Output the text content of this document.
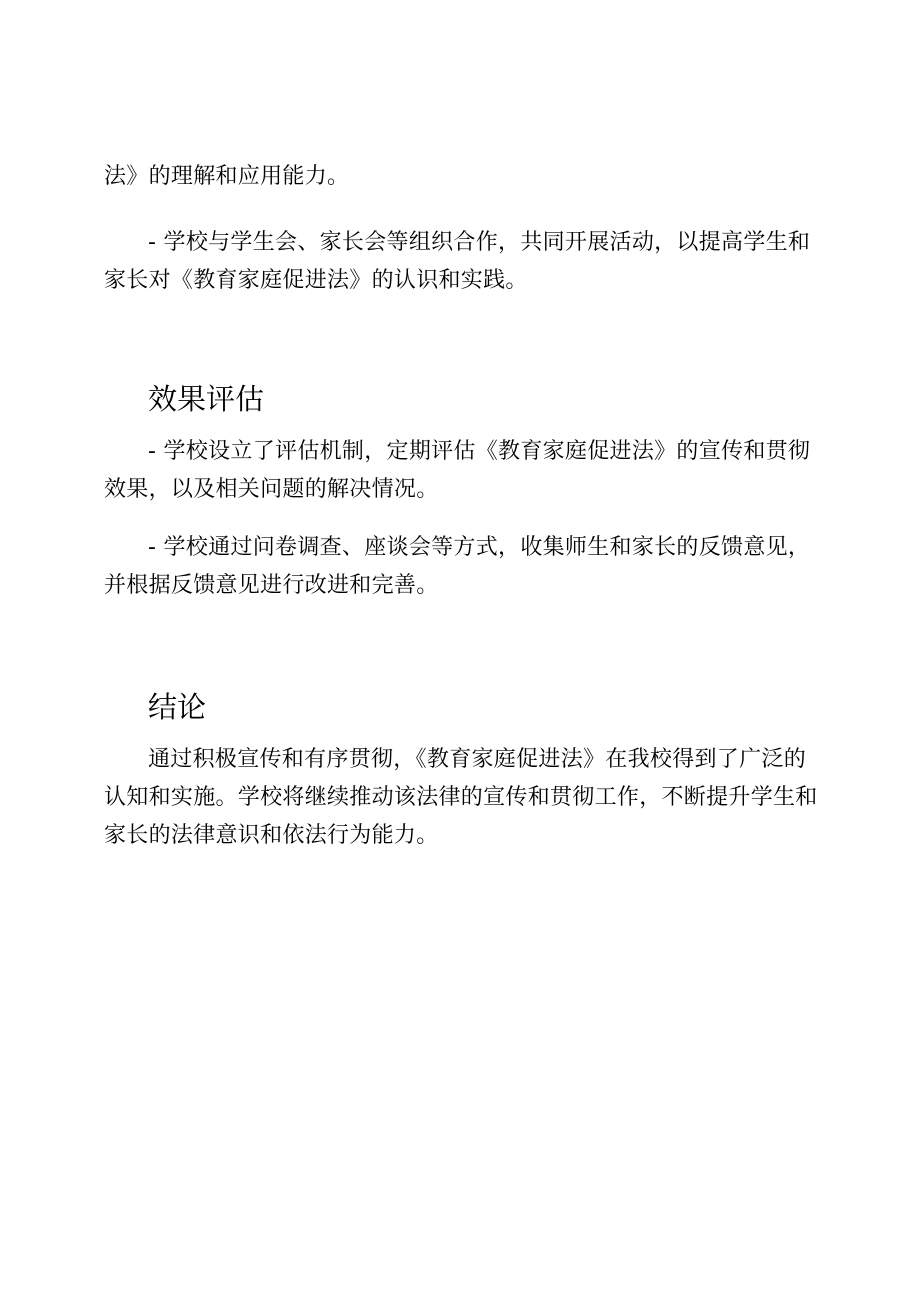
法》的理解和应用能力。

- 学校与学生会、家长会等组织合作，共同开展活动，以提高学生和家长对《教育家庭促进法》的认识和实践。

效果评估

- 学校设立了评估机制，定期评估《教育家庭促进法》的宣传和贯彻效果，以及相关问题的解决情况。

- 学校通过问卷调查、座谈会等方式，收集师生和家长的反馈意见，并根据反馈意见进行改进和完善。

结论

通过积极宣传和有序贯彻，《教育家庭促进法》在我校得到了广泛的认知和实施。学校将继续推动该法律的宣传和贯彻工作，不断提升学生和家长的法律意识和依法行为能力。
